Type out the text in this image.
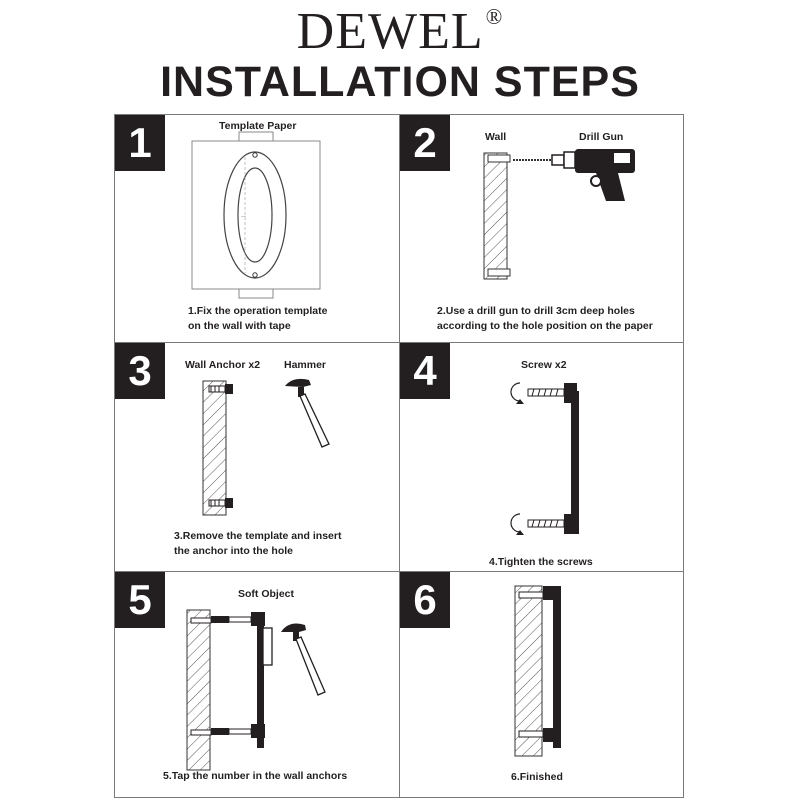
DEWEL®
INSTALLATION STEPS
1	Template Paper
—
1.Fix the operation template
on the wall with tape
2	Wall	Drill Gun
2.Use a drill gun to drill 3cm deep holes
according to the hole position on the paper
3	Wall Anchor x2 Hammer
3.Remove the template and insert
the anchor into the hole
4	Screw x2
4.Tighten the screws
5	Soft Object
5.Tap the number in the wall anchors
6
6.Finished
